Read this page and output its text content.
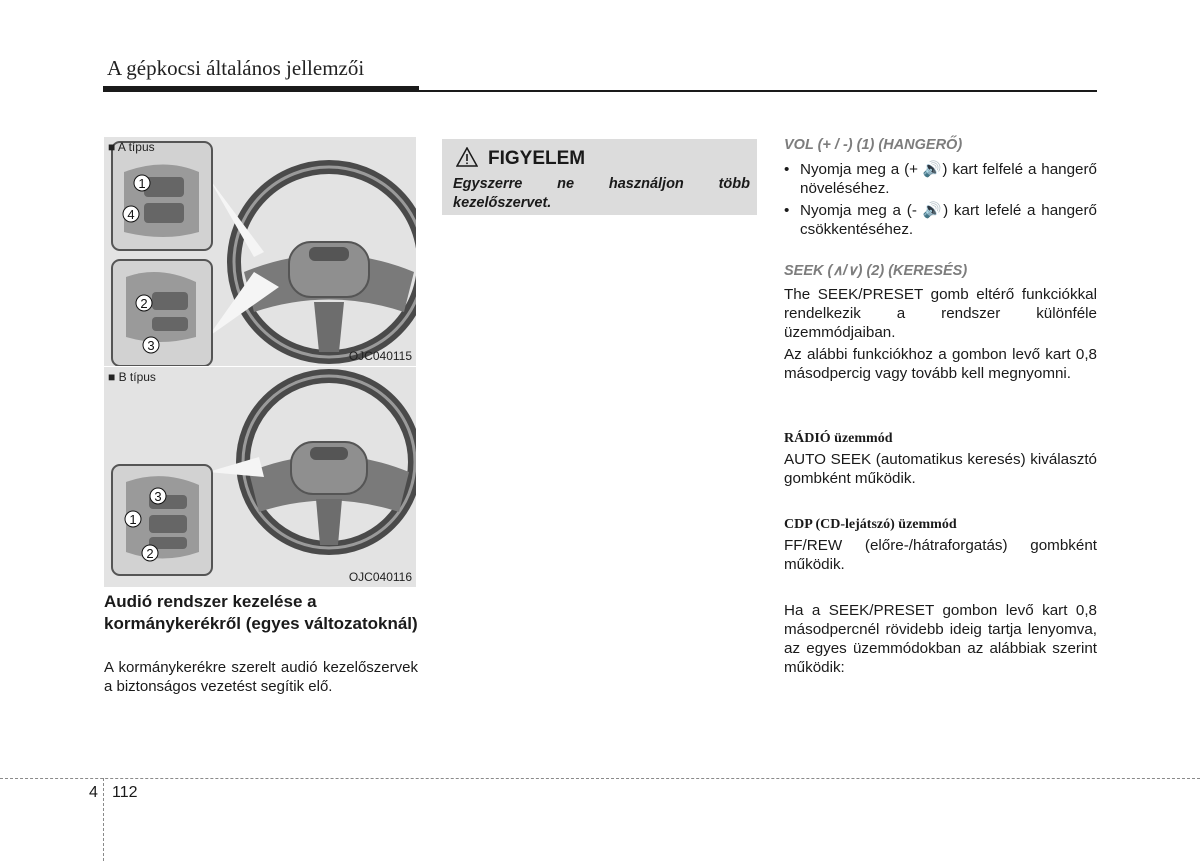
A gépkocsi általános jellemzői
1
4
2
3
■ A típus
OJC040115
3
1
2
■ B típus
OJC040116
Audió rendszer kezelése a kormánykerékről (egyes változatoknál)
A kormánykerékre szerelt audió kezelőszervek a biztonságos vezetést segítik elő.
FIGYELEM
Egyszerre ne használjon több kezelőszervet.
VOL (+ / -) (1) (HANGERŐ)
• Nyomja meg a (+ 🔊) kart felfelé a hangerő növeléséhez.
• Nyomja meg a (- 🔊) kart lefelé a hangerő csökkentéséhez.
SEEK (∧/∨) (2) (KERESÉS)
The SEEK/PRESET gomb eltérő funkciókkal rendelkezik a rendszer különféle üzemmódjaiban.
Az alábbi funkciókhoz a gombon levő kart 0,8 másodpercig vagy tovább kell megnyomni.
RÁDIÓ üzemmód
AUTO SEEK (automatikus keresés) kiválasztó gombként működik.
CDP (CD-lejátszó) üzemmód
FF/REW (előre-/hátraforgatás) gombként működik.
Ha a SEEK/PRESET gombon levő kart 0,8 másodpercnél rövidebb ideig tartja lenyomva, az egyes üzemmódokban az alábbiak szerint működik:
4 112
